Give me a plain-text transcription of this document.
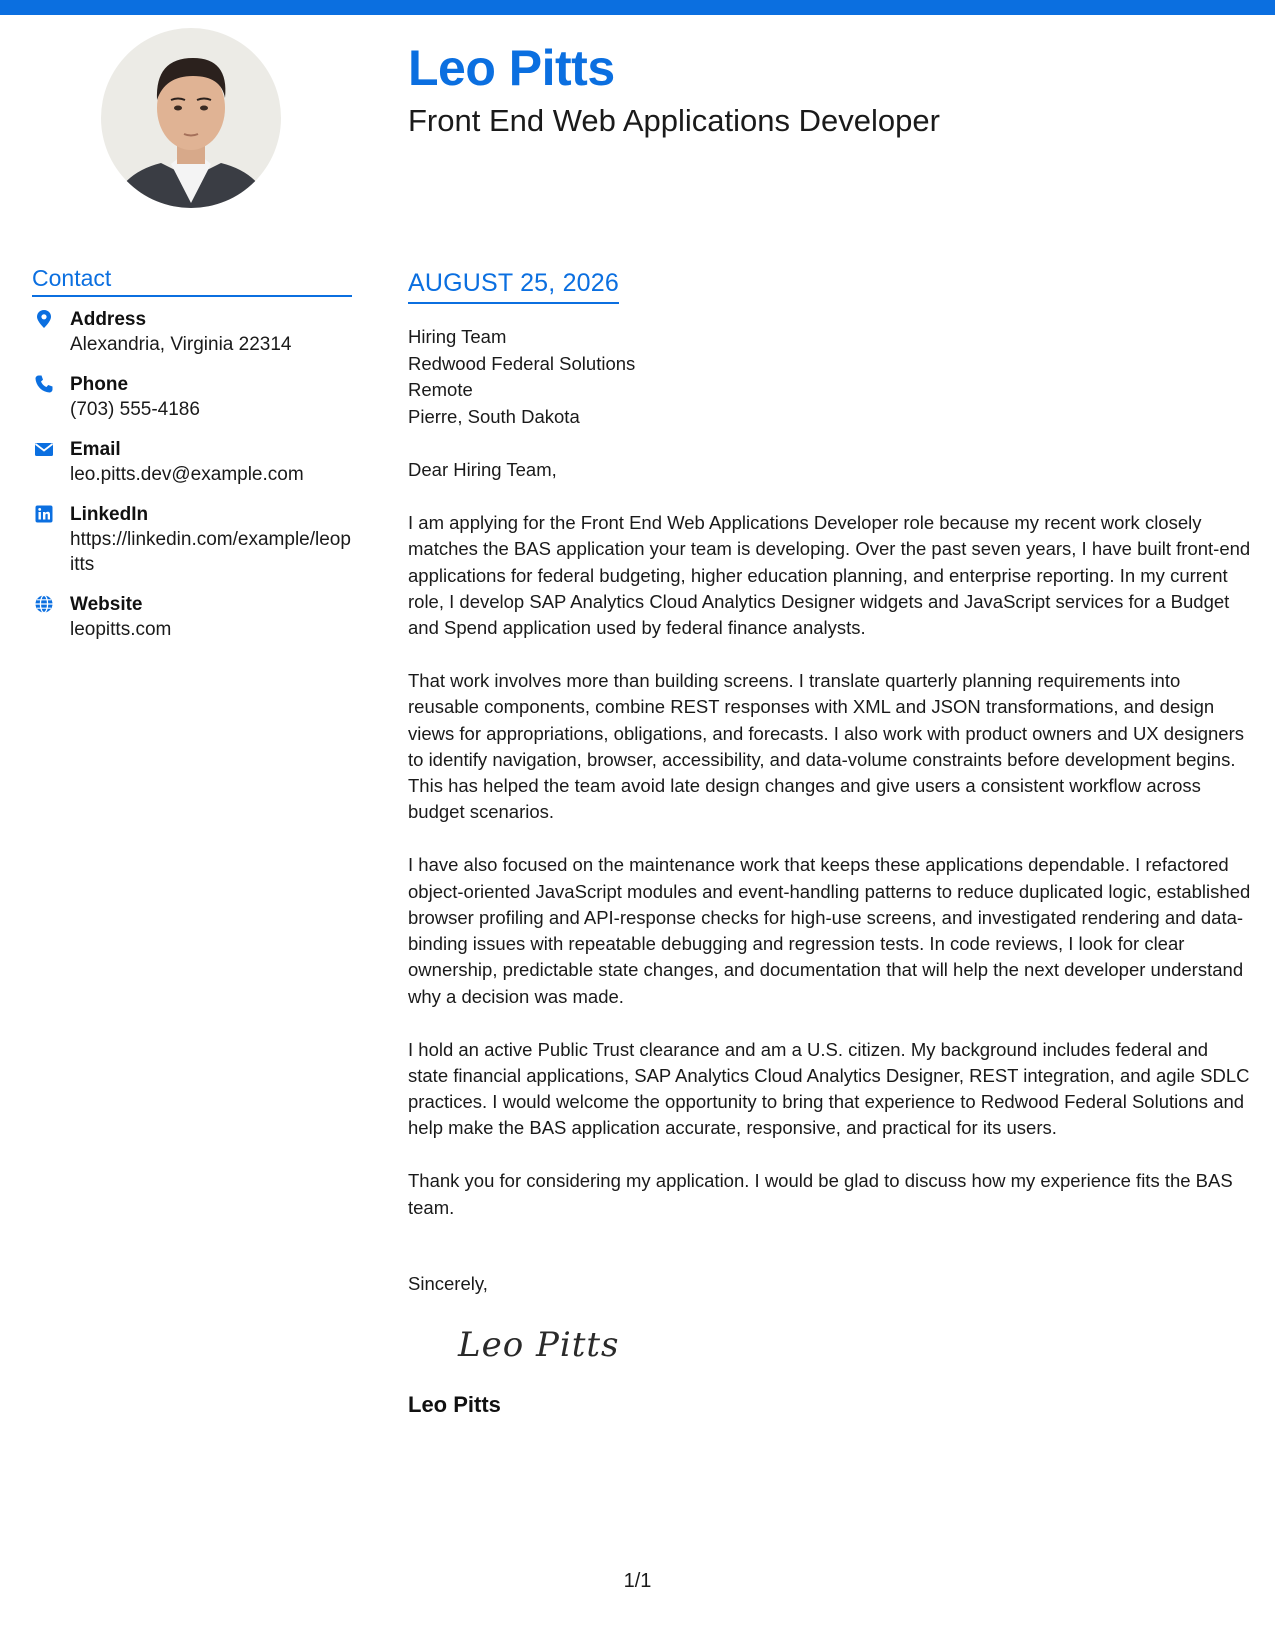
Leo Pitts
Front End Web Applications Developer
Contact
Address
Alexandria, Virginia 22314
Phone
(703) 555-4186
Email
leo.pitts.dev@example.com
LinkedIn
https://linkedin.com/example/leopitts
Website
leopitts.com
AUGUST 25, 2026
Hiring Team
Redwood Federal Solutions
Remote
Pierre, South Dakota
Dear Hiring Team,
I am applying for the Front End Web Applications Developer role because my recent work closely matches the BAS application your team is developing. Over the past seven years, I have built front-end applications for federal budgeting, higher education planning, and enterprise reporting. In my current role, I develop SAP Analytics Cloud Analytics Designer widgets and JavaScript services for a Budget and Spend application used by federal finance analysts.
That work involves more than building screens. I translate quarterly planning requirements into reusable components, combine REST responses with XML and JSON transformations, and design views for appropriations, obligations, and forecasts. I also work with product owners and UX designers to identify navigation, browser, accessibility, and data-volume constraints before development begins. This has helped the team avoid late design changes and give users a consistent workflow across budget scenarios.
I have also focused on the maintenance work that keeps these applications dependable. I refactored object-oriented JavaScript modules and event-handling patterns to reduce duplicated logic, established browser profiling and API-response checks for high-use screens, and investigated rendering and data-binding issues with repeatable debugging and regression tests. In code reviews, I look for clear ownership, predictable state changes, and documentation that will help the next developer understand why a decision was made.
I hold an active Public Trust clearance and am a U.S. citizen. My background includes federal and state financial applications, SAP Analytics Cloud Analytics Designer, REST integration, and agile SDLC practices. I would welcome the opportunity to bring that experience to Redwood Federal Solutions and help make the BAS application accurate, responsive, and practical for its users.
Thank you for considering my application. I would be glad to discuss how my experience fits the BAS team.
Sincerely,
Leo Pitts
Leo Pitts
1/1
